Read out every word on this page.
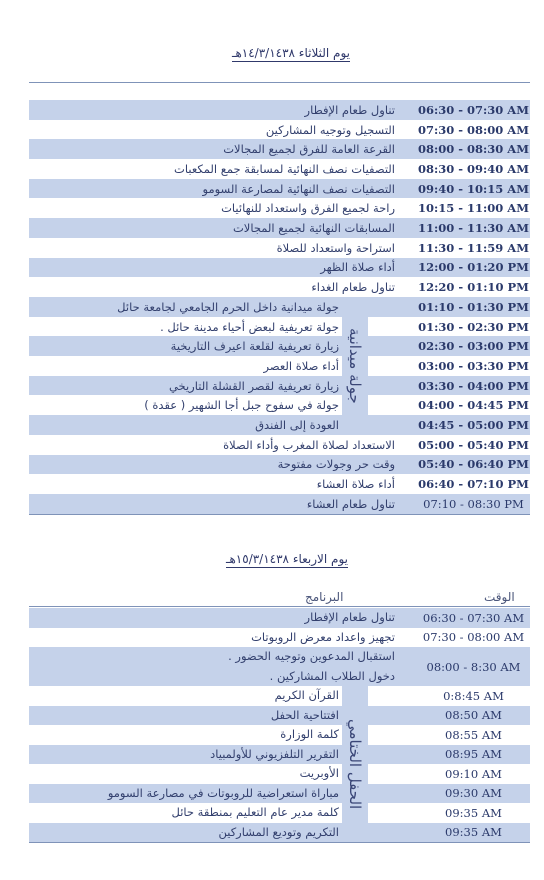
يوم الثلاثاء ١٤/٣/١٤٣٨هـ
06:30 - 07:30 AM
تناول طعام الإفطار
07:30 - 08:00 AM
التسجيل وتوجيه المشاركين
08:00 - 08:30 AM
القرعة العامة للفرق لجميع المجالات
08:30 - 09:40 AM
التصفيات نصف النهائية لمسابقة جمع المكعبات
09:40 - 10:15 AM
التصفيات نصف النهائية لمصارعة السومو
10:15 - 11:00 AM
راحة لجميع الفرق واستعداد للنهائيات
11:00 - 11:30 AM
المسابقات النهائية لجميع المجالات
11:30 - 11:59 AM
استراحة واستعداد للصلاة
12:00 - 01:20 PM
أداء صلاة الظهر
12:20 - 01:10 PM
تناول طعام الغداء
01:10 - 01:30 PM
جولة ميدانية داخل الحرم الجامعي لجامعة حائل
01:30 - 02:30 PM
جولة تعريفية لبعض أحياء مدينة حائل .
02:30 - 03:00 PM
زيارة تعريفية لقلعة اعيرف التاريخية
03:00 - 03:30 PM
أداء صلاة العصر
03:30 - 04:00 PM
زيارة تعريفية لقصر القشلة التاريخي
04:00 - 04:45 PM
جولة في سفوح جبل أجا الشهير ( عقدة )
04:45 - 05:00 PM
العودة إلى الفندق
05:00 - 05:40 PM
الاستعداد لصلاة المغرب وأداء الصلاة
05:40 - 06:40 PM
وقت حر وجولات مفتوحة
06:40 - 07:10 PM
أداء صلاة العشاء
07:10 - 08:30 PM
تناول طعام العشاء
جولة ميدانية
يوم الاربعاء ١٥/٣/١٤٣٨هـ
البرنامج	الوقت
06:30 - 07:30 AM
تناول طعام الإفطار
07:30 - 08:00 AM
تجهيز واعداد معرض الروبوتات
08:00 - 8:30 AM
استقبال المدعوين وتوجيه الحضور .
دخول الطلاب المشاركين .
0:8:45 AM
القرآن الكريم
08:50 AM
افتتاحية الحفل
08:55 AM
كلمة الوزارة
08:95 AM
التقرير التلفزيوني للأولمبياد
09:10 AM
الأوبريت
09:30 AM
مباراة استعراضية للروبوتات في مصارعة السومو
09:35 AM
كلمة مدير عام التعليم بمنطقة حائل
09:35 AM
التكريم وتوديع المشاركين
الحفل الختامي
